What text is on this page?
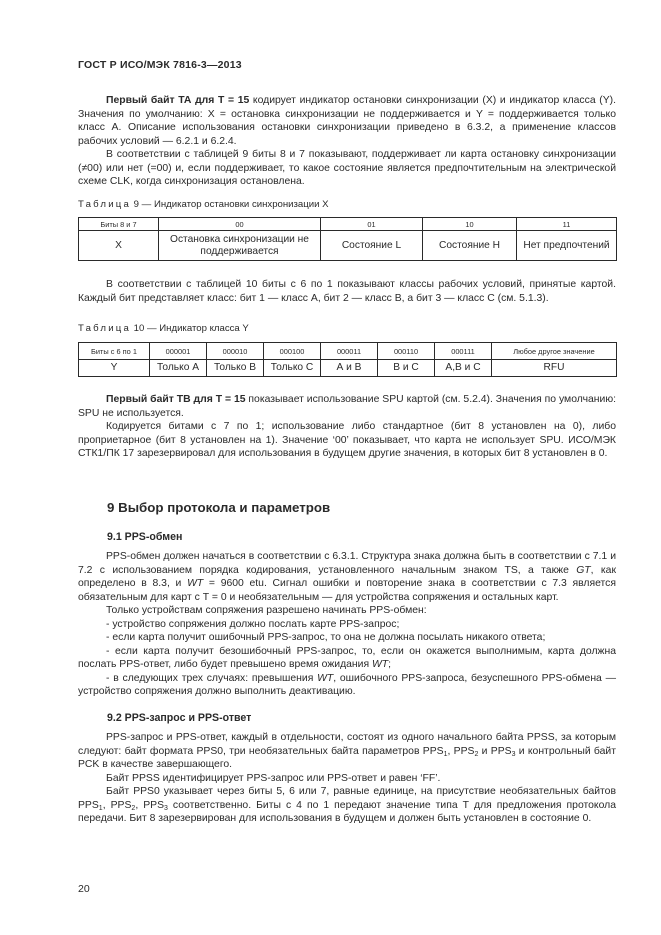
ГОСТ Р ИСО/МЭК 7816-3—2013

Первый байт ТА для Т = 15 кодирует индикатор остановки синхронизации (X) и индикатор класса (Y). Значения по умолчанию: X = остановка синхронизации не поддерживается и Y = поддерживается только класс А. Описание использования остановки синхронизации приведено в 6.3.2, а применение классов рабочих условий — 6.2.1 и 6.2.4.

В соответствии с таблицей 9 биты 8 и 7 показывают, поддерживает ли карта остановку синхронизации (≠00) или нет (=00) и, если поддерживает, то какое состояние является предпочтительным на электрической схеме CLK, когда синхронизация остановлена.

Таблица 9 — Индикатор остановки синхронизации X
Биты 8 и 7	00	01	10	11
X	Остановка синхронизации не поддерживается	Состояние L	Состояние H	Нет предпочтений
В соответствии с таблицей 10 биты с 6 по 1 показывают классы рабочих условий, принятые картой. Каждый бит представляет класс: бит 1 — класс А, бит 2 — класс В, а бит 3 — класс С (см. 5.1.3).
Таблица 10 — Индикатор класса Y
Биты с 6 по 1	000001	000010	000100	000011	000110	000111	Любое другое значение
Y	Только А	Только В	Только С	А и В	В и С	А,В и С	RFU

Первый байт ТВ для Т = 15 показывает использование SPU картой (см. 5.2.4). Значения по умолчанию: SPU не используется.

Кодируется битами с 7 по 1; использование либо стандартное (бит 8 установлен на 0), либо проприетарное (бит 8 установлен на 1). Значение ‘00’ показывает, что карта не использует SPU. ИСО/МЭК СТК1/ПК 17 зарезервировал для использования в будущем другие значения, в которых бит 8 установлен в 0.

9 Выбор протокола и параметров
9.1 PPS-обмен

PPS-обмен должен начаться в соответствии с 6.3.1. Структура знака должна быть в соответствии с 7.1 и 7.2 с использованием порядка кодирования, установленного начальным знаком TS, а также GT, как определено в 8.3, и WT = 9600 etu. Сигнал ошибки и повторение знака в соответствии с 7.3 является обязательным для карт с Т = 0 и необязательным — для устройства сопряжения и остальных карт.

Только устройствам сопряжения разрешено начинать PPS-обмен:

- устройство сопряжения должно послать карте PPS-запрос;

- если карта получит ошибочный PPS-запрос, то она не должна посылать никакого ответа;

- если карта получит безошибочный PPS-запрос, то, если он окажется выполнимым, карта должна послать PPS-ответ, либо будет превышено время ожидания WT;

- в следующих трех случаях: превышения WT, ошибочного PPS-запроса, безуспешного PPS-обмена — устройство сопряжения должно выполнить деактивацию.

9.2 PPS-запрос и PPS-ответ

PPS-запрос и PPS-ответ, каждый в отдельности, состоят из одного начального байта PPSS, за которым следуют: байт формата PPS0, три необязательных байта параметров $PPS_1$, $PPS_2$ и $PPS_3$ и контрольный байт PCK в качестве завершающего.

Байт PPSS идентифицирует PPS-запрос или PPS-ответ и равен ‘FF’.

Байт PPS0 указывает через биты 5, 6 или 7, равные единице, на присутствие необязательных байтов $PPS_1$, $PPS_2$, $PPS_3$ соответственно. Биты с 4 по 1 передают значение типа Т для предложения протокола передачи. Бит 8 зарезервирован для использования в будущем и должен быть установлен в состояние 0.

20
